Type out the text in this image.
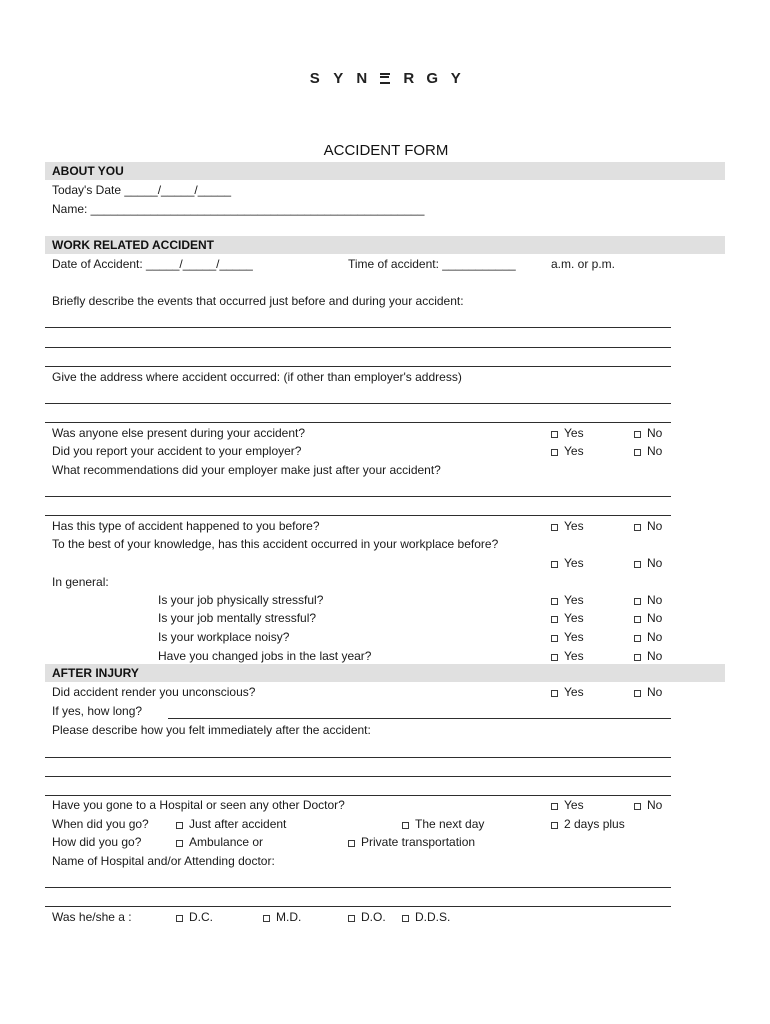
S Y N	R G Y
ACCIDENT FORM
ABOUT YOU
Today's Date _____/_____/_____
Name: __________________________________________________
WORK RELATED ACCIDENT
Date of Accident: _____/_____/_____	Time of accident: ___________	a.m. or p.m.
Briefly describe the events that occurred just before and during your accident:
Give the address where accident occurred: (if other than employer's address)
Was anyone else present during your accident?	Yes	No
Did you report your accident to your employer?	Yes	No
What recommendations did your employer make just after your accident?
Has this type of accident happened to you before?	Yes	No
To the best of your knowledge, has this accident occurred in your workplace before?
Yes	No
In general:
Is your job physically stressful?	Yes	No
Is your job mentally stressful?	Yes	No
Is your workplace noisy?	Yes	No
Have you changed jobs in the last year?	Yes	No
AFTER INJURY
Did accident render you unconscious?	Yes	No
If yes, how long?
Please describe how you felt immediately after the accident:
Have you gone to a Hospital or seen any other Doctor?	Yes	No
When did you go?	Just after accident	The next day	2 days plus
How did you go?	Ambulance or	Private transportation
Name of Hospital and/or Attending doctor:
Was he/she a :	D.C.	M.D.	D.O. D.D.S.
